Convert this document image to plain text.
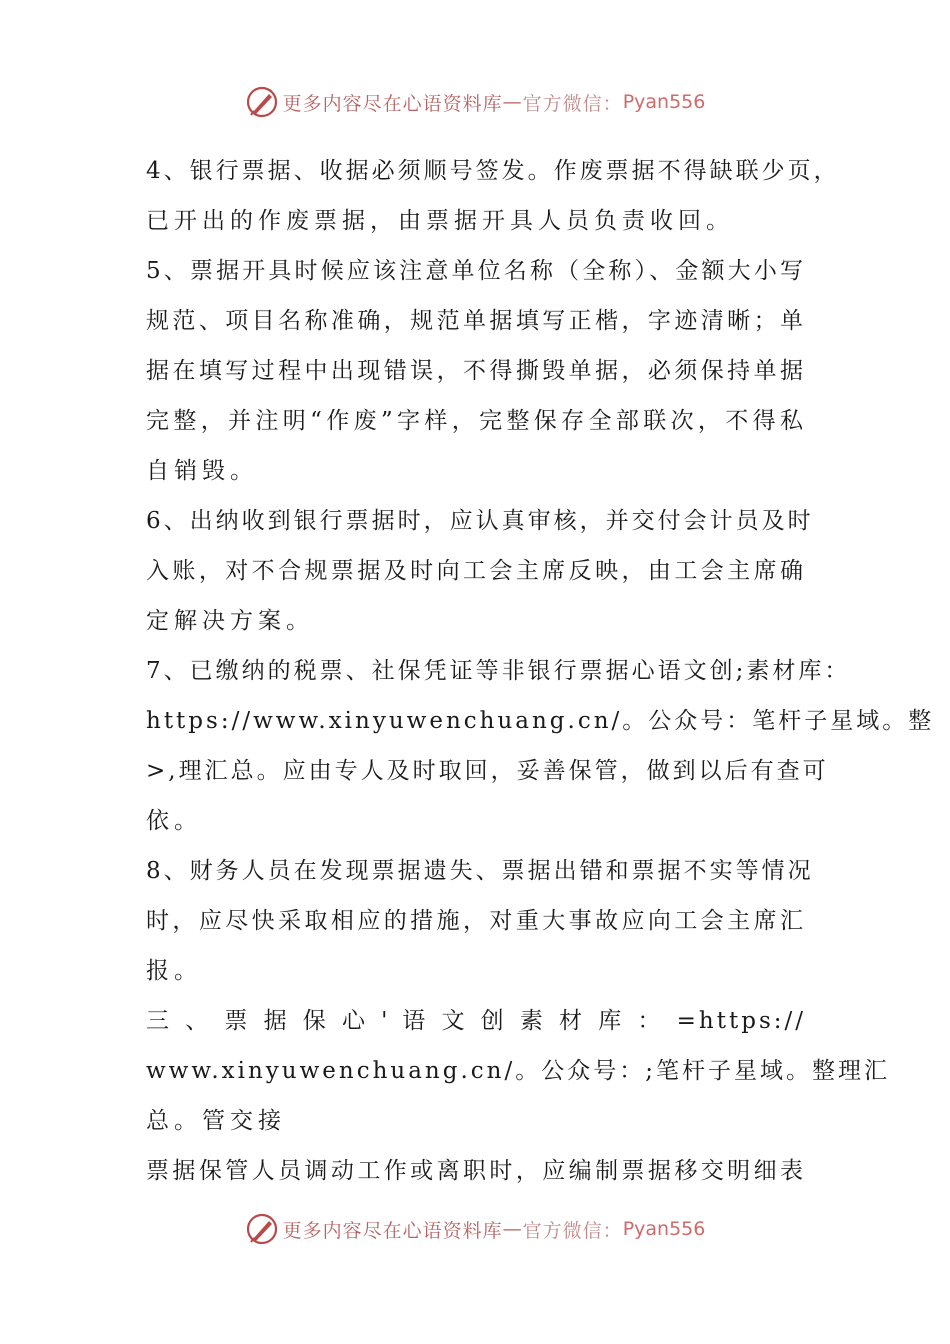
更多内容尽在心语资料库 — 官方微信： Pyan556
4、银行票据、收据必须顺号签发。作废票据不得缺联少页，
已开出的作废票据，由票据开具人员负责收回。
5、票据开具时候应该注意单位名称（全称）、金额大小写
规范、项目名称准确，规范单据填写正楷，字迹清晰；单
据在填写过程中出现错误，不得撕毁单据，必须保持单据
完整，并注明“作废”字样，完整保存全部联次，不得私
自销毁。
6、出纳收到银行票据时，应认真审核，并交付会计员及时
入账，对不合规票据及时向工会主席反映，由工会主席确
定解决方案。
7、已缴纳的税票、社保凭证等非银行票据心语文创;素材库：
https://www.xinyuwenchuang.cn/。公众号：笔杆子星域。整
>,理汇总。应由专人及时取回，妥善保管，做到以后有查可
依。
8、财务人员在发现票据遗失、票据出错和票据不实等情况
时，应尽快采取相应的措施，对重大事故应向工会主席汇
报。
三 、 票 据 保 心 ' 语 文 创 素 材 库 ： =https://
www.xinyuwenchuang.cn/。公众号：;笔杆子星域。整理汇
总。管交接
票据保管人员调动工作或离职时，应编制票据移交明细表
更多内容尽在心语资料库 — 官方微信： Pyan556
